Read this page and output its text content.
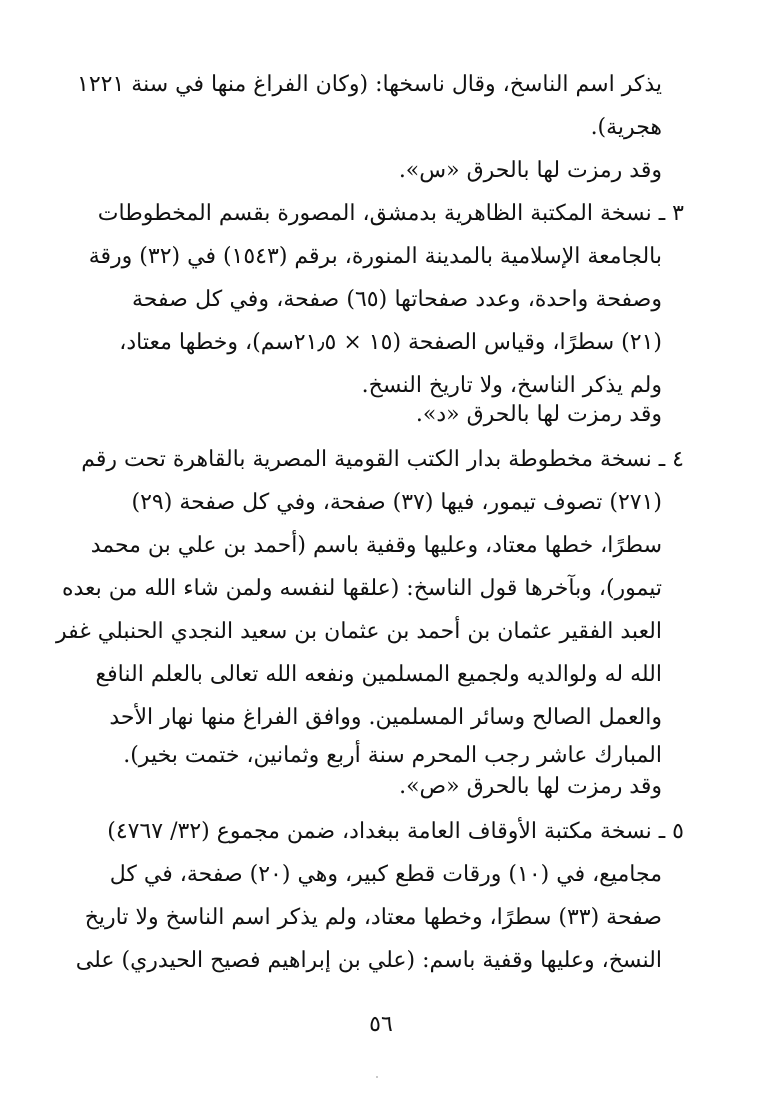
يذكر اسم الناسخ، وقال ناسخها: (وكان الفراغ منها في سنة ١٢٢١
هجرية).
وقد رمزت لها بالحرق «س».
٣ ـ نسخة المكتبة الظاهرية بدمشق، المصورة بقسم المخطوطات
بالجامعة الإسلامية بالمدينة المنورة، برقم (١٥٤٣) في (٣٢) ورقة
وصفحة واحدة، وعدد صفحاتها (٦٥) صفحة، وفي كل صفحة
(٢١) سطرًا، وقياس الصفحة (١٥ × ٢١٫٥سم)، وخطها معتاد،
ولم يذكر الناسخ، ولا تاريخ النسخ.
وقد رمزت لها بالحرق «د».
٤ ـ نسخة مخطوطة بدار الكتب القومية المصرية بالقاهرة تحت رقم
(٢٧١) تصوف تيمور، فيها (٣٧) صفحة، وفي كل صفحة (٢٩)
سطرًا، خطها معتاد، وعليها وقفية باسم (أحمد بن علي بن محمد
تيمور)، وبآخرها قول الناسخ: (علقها لنفسه ولمن شاء الله من بعده
العبد الفقير عثمان بن أحمد بن عثمان بن سعيد النجدي الحنبلي غفر
الله له ولوالديه ولجميع المسلمين ونفعه الله تعالى بالعلم النافع
والعمل الصالح وسائر المسلمين. ووافق الفراغ منها نهار الأحد
المبارك عاشر رجب المحرم سنة أربع وثمانين، ختمت بخير).
وقد رمزت لها بالحرق «ص».
٥ ـ نسخة مكتبة الأوقاف العامة ببغداد، ضمن مجموع (٣٢/ ٤٧٦٧)
مجاميع، في (١٠) ورقات قطع كبير، وهي (٢٠) صفحة، في كل
صفحة (٣٣) سطرًا، وخطها معتاد، ولم يذكر اسم الناسخ ولا تاريخ
النسخ، وعليها وقفية باسم: (علي بن إبراهيم فصيح الحيدري) على
٥٦
